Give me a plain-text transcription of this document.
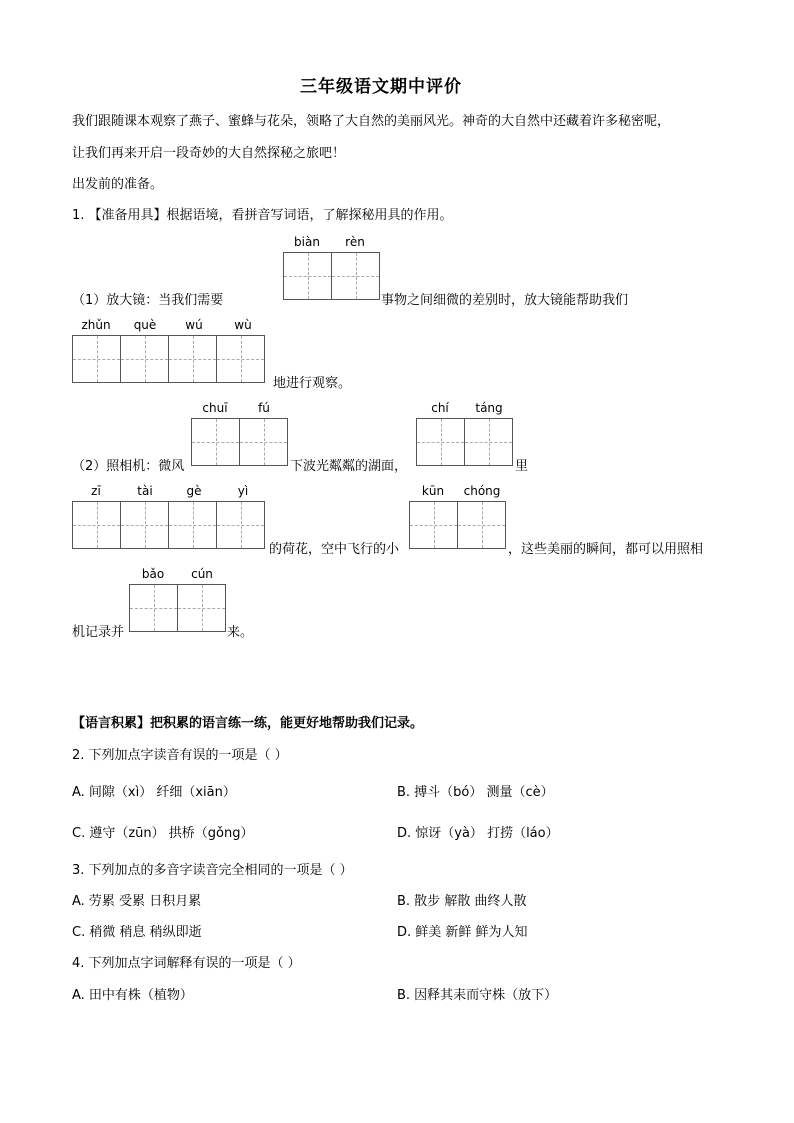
三年级语文期中评价
我们跟随课本观察了燕子、蜜蜂与花朵，领略了大自然的美丽风光。神奇的大自然中还藏着许多秘密呢，
让我们再来开启一段奇妙的大自然探秘之旅吧！
出发前的准备。
1. 【准备用具】根据语境，看拼音写词语，了解探秘用具的作用。
biàn	rèn
（1）放大镜：当我们需要	事物之间细微的差别时，放大镜能帮助我们
zhǔn	què	wú	wù
地进行观察。
chuī	fú	chí	táng
（2）照相机：微风	下波光粼粼的湖面，	里
zī	tài	gè	yì	kūn	chóng
的荷花，空中飞行的小	，这些美丽的瞬间，都可以用照相
bǎo	cún
机记录并	来。
【语言积累】把积累的语言练一练，能更好地帮助我们记录。
2. 下列加点字读音有误的一项是（ ）
A. 间隙（xì） 纤细（xiān）	B. 搏斗（bó） 测量（cè）
C. 遵守（zūn） 拱桥（gǒng）	D. 惊讶（yà） 打捞（láo）
3. 下列加点的多音字读音完全相同的一项是（ ）
A. 劳累 受累 日积月累	B. 散步 解散 曲终人散
C. 稍微 稍息 稍纵即逝	D. 鲜美 新鲜 鲜为人知
4. 下列加点字词解释有误的一项是（ ）
A. 田中有株（植物）	B. 因释其耒而守株（放下）
